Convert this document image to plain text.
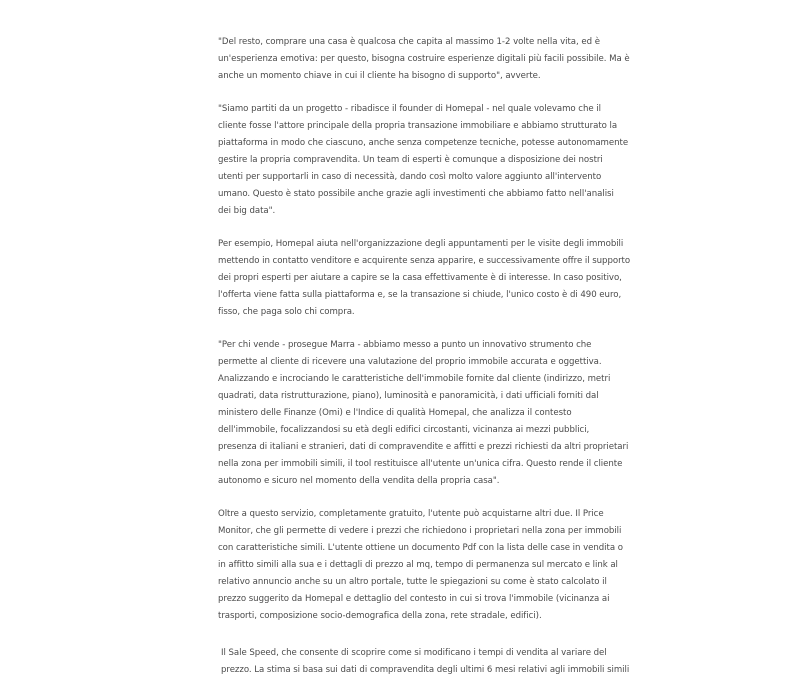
"Del resto, comprare una casa è qualcosa che capita al massimo 1-2 volte nella vita, ed è
un'esperienza emotiva: per questo, bisogna costruire esperienze digitali più facili possibile. Ma è
anche un momento chiave in cui il cliente ha bisogno di supporto", avverte.

"Siamo partiti da un progetto - ribadisce il founder di Homepal - nel quale volevamo che il
cliente fosse l'attore principale della propria transazione immobiliare e abbiamo strutturato la
piattaforma in modo che ciascuno, anche senza competenze tecniche, potesse autonomamente
gestire la propria compravendita. Un team di esperti è comunque a disposizione dei nostri
utenti per supportarli in caso di necessità, dando così molto valore aggiunto all'intervento
umano. Questo è stato possibile anche grazie agli investimenti che abbiamo fatto nell'analisi
dei big data".

Per esempio, Homepal aiuta nell'organizzazione degli appuntamenti per le visite degli immobili
mettendo in contatto venditore e acquirente senza apparire, e successivamente offre il supporto
dei propri esperti per aiutare a capire se la casa effettivamente è di interesse. In caso positivo,
l'offerta viene fatta sulla piattaforma e, se la transazione si chiude, l'unico costo è di 490 euro,
fisso, che paga solo chi compra.

"Per chi vende - prosegue Marra - abbiamo messo a punto un innovativo strumento che
permette al cliente di ricevere una valutazione del proprio immobile accurata e oggettiva.
Analizzando e incrociando le caratteristiche dell'immobile fornite dal cliente (indirizzo, metri
quadrati, data ristrutturazione, piano), luminosità e panoramicità, i dati ufficiali forniti dal
ministero delle Finanze (Omi) e l'Indice di qualità Homepal, che analizza il contesto
dell'immobile, focalizzandosi su età degli edifici circostanti, vicinanza ai mezzi pubblici,
presenza di italiani e stranieri, dati di compravendite e affitti e prezzi richiesti da altri proprietari
nella zona per immobili simili, il tool restituisce all'utente un'unica cifra. Questo rende il cliente
autonomo e sicuro nel momento della vendita della propria casa".

Oltre a questo servizio, completamente gratuito, l'utente può acquistarne altri due. Il Price
Monitor, che gli permette di vedere i prezzi che richiedono i proprietari nella zona per immobili
con caratteristiche simili. L'utente ottiene un documento Pdf con la lista delle case in vendita o
in affitto simili alla sua e i dettagli di prezzo al mq, tempo di permanenza sul mercato e link al
relativo annuncio anche su un altro portale, tutte le spiegazioni su come è stato calcolato il
prezzo suggerito da Homepal e dettaglio del contesto in cui si trova l'immobile (vicinanza ai
trasporti, composizione socio-demografica della zona, rete stradale, edifici).

Il Sale Speed, che consente di scoprire come si modificano i tempi di vendita al variare del
prezzo. La stima si basa sui dati di compravendita degli ultimi 6 mesi relativi agli immobili simili
